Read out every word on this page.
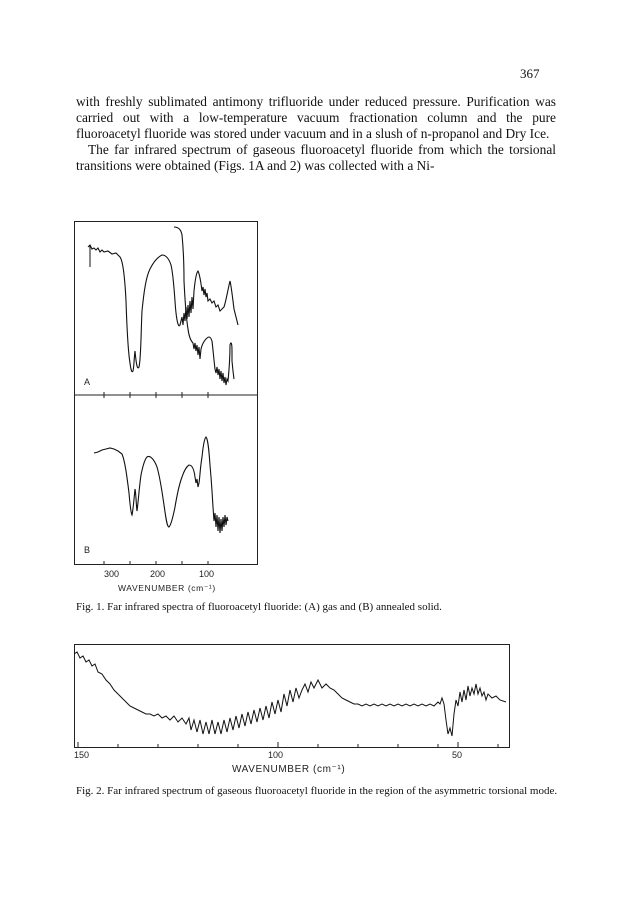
367

with freshly sublimated antimony trifluoride under reduced pressure. Purification was carried out with a low-temperature vacuum fractionation column and the pure fluoroacetyl fluoride was stored under vacuum and in a slush of n-propanol and Dry Ice.

The far infrared spectrum of gaseous fluoroacetyl fluoride from which the torsional transitions were obtained (Figs. 1A and 2) was collected with a Ni-

A
B
300	200	100
WAVENUMBER (cm⁻¹)
Fig. 1. Far infrared spectra of fluoroacetyl fluoride: (A) gas and (B) annealed solid.
150	100	50
WAVENUMBER (cm⁻¹)
Fig. 2. Far infrared spectrum of gaseous fluoroacetyl fluoride in the region of the asymmetric torsional mode.
